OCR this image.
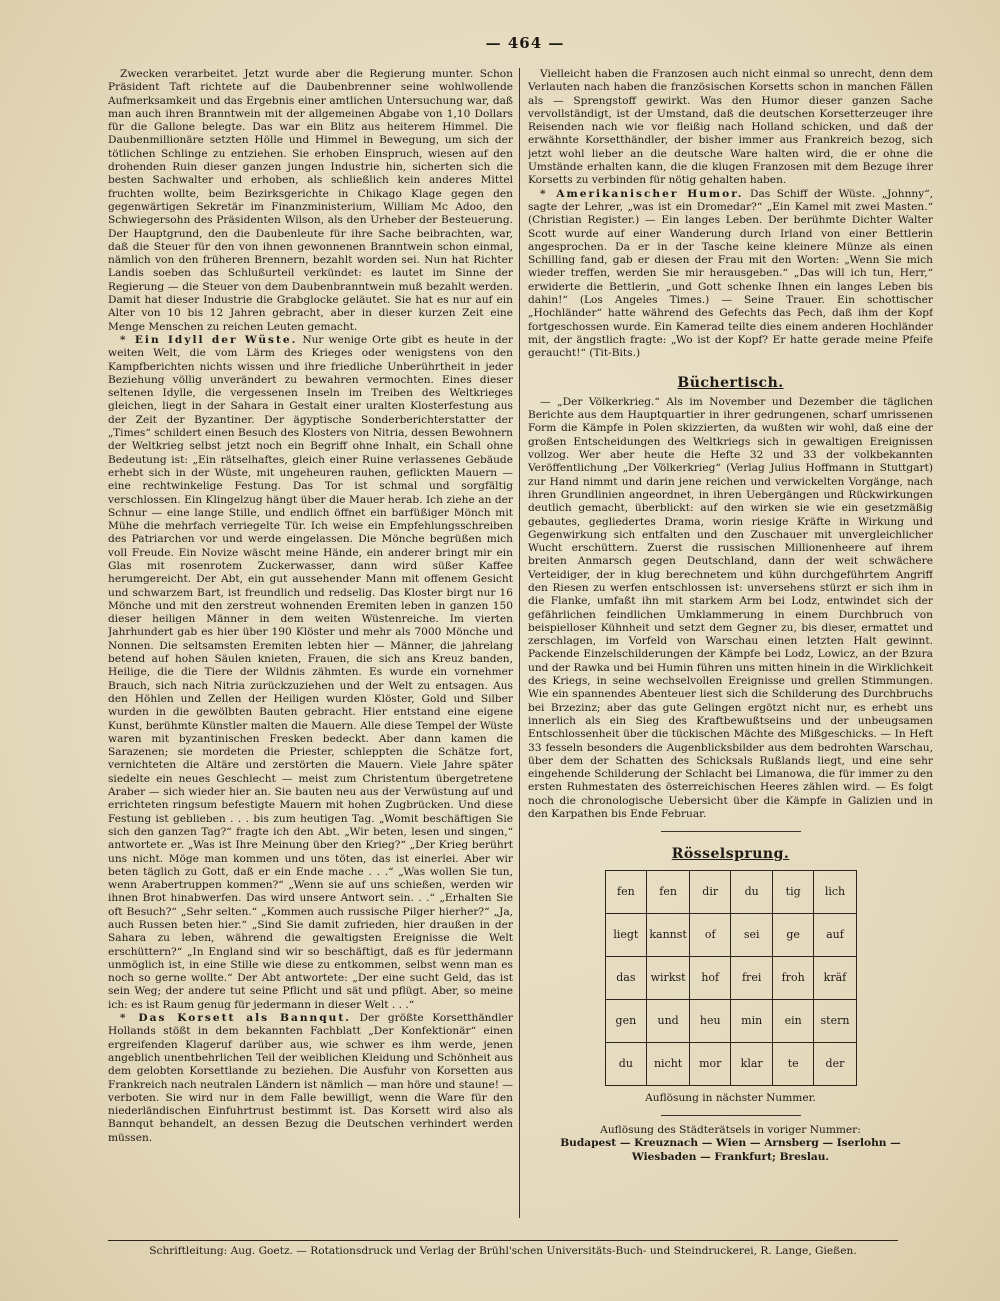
— 464 —

Zwecken verarbeitet. Jetzt wurde aber die Regierung munter. Schon Präsident Taft richtete auf die Daubenbrenner seine wohlwollende Aufmerksamkeit und das Ergebnis einer amtlichen Untersuchung war, daß man auch ihren Branntwein mit der allgemeinen Abgabe von 1,10 Dollars für die Gallone belegte. Das war ein Blitz aus heiterem Himmel. Die Daubenmillionäre setzten Hölle und Himmel in Bewegung, um sich der tötlichen Schlinge zu entziehen. Sie erhoben Einspruch, wiesen auf den drohenden Ruin dieser ganzen jungen Industrie hin, sicherten sich die besten Sachwalter und erhoben, als schließlich kein anderes Mittel fruchten wollte, beim Bezirksgerichte in Chikago Klage gegen den gegenwärtigen Sekretär im Finanzministerium, William Mc Adoo, den Schwiegersohn des Präsidenten Wilson, als den Urheber der Besteuerung. Der Hauptgrund, den die Daubenleute für ihre Sache beibrachten, war, daß die Steuer für den von ihnen gewonnenen Branntwein schon einmal, nämlich von den früheren Brennern, bezahlt worden sei. Nun hat Richter Landis soeben das Schlußurteil verkündet: es lautet im Sinne der Regierung — die Steuer von dem Daubenbranntwein muß bezahlt werden. Damit hat dieser Industrie die Grabglocke geläutet. Sie hat es nur auf ein Alter von 10 bis 12 Jahren gebracht, aber in dieser kurzen Zeit eine Menge Menschen zu reichen Leuten gemacht.

* Ein Idyll der Wüste. Nur wenige Orte gibt es heute in der weiten Welt, die vom Lärm des Krieges oder wenigstens von den Kampfberichten nichts wissen und ihre friedliche Unberührtheit in jeder Beziehung völlig unverändert zu bewahren vermochten. Eines dieser seltenen Idylle, die vergessenen Inseln im Treiben des Weltkrieges gleichen, liegt in der Sahara in Gestalt einer uralten Klosterfestung aus der Zeit der Byzantiner. Der ägyptische Sonderberichterstatter der „Times“ schildert einen Besuch des Klosters von Nitria, dessen Bewohnern der Weltkrieg selbst jetzt noch ein Begriff ohne Inhalt, ein Schall ohne Bedeutung ist: „Ein rätselhaftes, gleich einer Ruine verlassenes Gebäude erhebt sich in der Wüste, mit ungeheuren rauhen, geflickten Mauern — eine rechtwinkelige Festung. Das Tor ist schmal und sorgfältig verschlossen. Ein Klingelzug hängt über die Mauer herab. Ich ziehe an der Schnur — eine lange Stille, und endlich öffnet ein barfüßiger Mönch mit Mühe die mehrfach verriegelte Tür. Ich weise ein Empfehlungsschreiben des Patriarchen vor und werde eingelassen. Die Mönche begrüßen mich voll Freude. Ein Novize wäscht meine Hände, ein anderer bringt mir ein Glas mit rosenrotem Zuckerwasser, dann wird süßer Kaffee herumgereicht. Der Abt, ein gut aussehender Mann mit offenem Gesicht und schwarzem Bart, ist freundlich und redselig. Das Kloster birgt nur 16 Mönche und mit den zerstreut wohnenden Eremiten leben in ganzen 150 dieser heiligen Männer in dem weiten Wüstenreiche. Im vierten Jahrhundert gab es hier über 190 Klöster und mehr als 7000 Mönche und Nonnen. Die seltsamsten Eremiten lebten hier — Männer, die jahrelang betend auf hohen Säulen knieten, Frauen, die sich ans Kreuz banden, Heilige, die die Tiere der Wildnis zähmten. Es wurde ein vornehmer Brauch, sich nach Nitria zurückzuziehen und der Welt zu entsagen. Aus den Höhlen und Zellen der Heiligen wurden Klöster, Gold und Silber wurden in die gewölbten Bauten gebracht. Hier entstand eine eigene Kunst, berühmte Künstler malten die Mauern. Alle diese Tempel der Wüste waren mit byzantinischen Fresken bedeckt. Aber dann kamen die Sarazenen; sie mordeten die Priester, schleppten die Schätze fort, vernichteten die Altäre und zerstörten die Mauern. Viele Jahre später siedelte ein neues Geschlecht — meist zum Christentum übergetretene Araber — sich wieder hier an. Sie bauten neu aus der Verwüstung auf und errichteten ringsum befestigte Mauern mit hohen Zugbrücken. Und diese Festung ist geblieben . . . bis zum heutigen Tag. „Womit beschäftigen Sie sich den ganzen Tag?“ fragte ich den Abt. „Wir beten, lesen und singen,“ antwortete er. „Was ist Ihre Meinung über den Krieg?“ „Der Krieg berührt uns nicht. Möge man kommen und uns töten, das ist einerlei. Aber wir beten täglich zu Gott, daß er ein Ende mache . . .“ „Was wollen Sie tun, wenn Arabertruppen kommen?“ „Wenn sie auf uns schießen, werden wir ihnen Brot hinabwerfen. Das wird unsere Antwort sein. . .“ „Erhalten Sie oft Besuch?“ „Sehr selten.“ „Kommen auch russische Pilger hierher?“ „Ja, auch Russen beten hier.“ „Sind Sie damit zufrieden, hier draußen in der Sahara zu leben, während die gewaltigsten Ereignisse die Welt erschüttern?“ „In England sind wir so beschäftigt, daß es für jedermann unmöglich ist, in eine Stille wie diese zu entkommen, selbst wenn man es noch so gerne wollte.“ Der Abt antwortete: „Der eine sucht Geld, das ist sein Weg; der andere tut seine Pflicht und sät und pflügt. Aber, so meine ich: es ist Raum genug für jedermann in dieser Welt . . .“

* Das Korsett als Bannqut. Der größte Korsetthändler Hollands stößt in dem bekannten Fachblatt „Der Konfektionär“ einen ergreifenden Klageruf darüber aus, wie schwer es ihm werde, jenen angeblich unentbehrlichen Teil der weiblichen Kleidung und Schönheit aus dem gelobten Korsettlande zu beziehen. Die Ausfuhr von Korsetten aus Frankreich nach neutralen Ländern ist nämlich — man höre und staune! — verboten. Sie wird nur in dem Falle bewilligt, wenn die Ware für den niederländischen Einfuhrtrust bestimmt ist. Das Korsett wird also als Bannqut behandelt, an dessen Bezug die Deutschen verhindert werden müssen.

Vielleicht haben die Franzosen auch nicht einmal so unrecht, denn dem Verlauten nach haben die französischen Korsetts schon in manchen Fällen als — Sprengstoff gewirkt. Was den Humor dieser ganzen Sache vervollständigt, ist der Umstand, daß die deutschen Korsetterzeuger ihre Reisenden nach wie vor fleißig nach Holland schicken, und daß der erwähnte Korsetthändler, der bisher immer aus Frankreich bezog, sich jetzt wohl lieber an die deutsche Ware halten wird, die er ohne die Umstände erhalten kann, die die klugen Franzosen mit dem Bezuge ihrer Korsetts zu verbinden für nötig gehalten haben.

* Amerikanischer Humor. Das Schiff der Wüste. „Johnny“, sagte der Lehrer, „was ist ein Dromedar?“ „Ein Kamel mit zwei Masten.“ (Christian Register.) — Ein langes Leben. Der berühmte Dichter Walter Scott wurde auf einer Wanderung durch Irland von einer Bettlerin angesprochen. Da er in der Tasche keine kleinere Münze als einen Schilling fand, gab er diesen der Frau mit den Worten: „Wenn Sie mich wieder treffen, werden Sie mir herausgeben.“ „Das will ich tun, Herr,“ erwiderte die Bettlerin, „und Gott schenke Ihnen ein langes Leben bis dahin!“ (Los Angeles Times.) — Seine Trauer. Ein schottischer „Hochländer“ hatte während des Gefechts das Pech, daß ihm der Kopf fortgeschossen wurde. Ein Kamerad teilte dies einem anderen Hochländer mit, der ängstlich fragte: „Wo ist der Kopf? Er hatte gerade meine Pfeife geraucht!“ (Tit-Bits.)

Büchertisch.

— „Der Völkerkrieg.“ Als im November und Dezember die täglichen Berichte aus dem Hauptquartier in ihrer gedrungenen, scharf umrissenen Form die Kämpfe in Polen skizzierten, da wußten wir wohl, daß eine der großen Entscheidungen des Weltkriegs sich in gewaltigen Ereignissen vollzog. Wer aber heute die Hefte 32 und 33 der volkbekannten Veröffentlichung „Der Völkerkrieg“ (Verlag Julius Hoffmann in Stuttgart) zur Hand nimmt und darin jene reichen und verwickelten Vorgänge, nach ihren Grundlinien angeordnet, in ihren Uebergängen und Rückwirkungen deutlich gemacht, überblickt: auf den wirken sie wie ein gesetzmäßig gebautes, gegliedertes Drama, worin riesige Kräfte in Wirkung und Gegenwirkung sich entfalten und den Zuschauer mit unvergleichlicher Wucht erschüttern. Zuerst die russischen Millionenheere auf ihrem breiten Anmarsch gegen Deutschland, dann der weit schwächere Verteidiger, der in klug berechnetem und kühn durchgeführtem Angriff den Riesen zu werfen entschlossen ist: unversehens stürzt er sich ihm in die Flanke, umfaßt ihn mit starkem Arm bei Lodz, entwindet sich der gefährlichen feindlichen Umklammerung in einem Durchbruch von beispielloser Kühnheit und setzt dem Gegner zu, bis dieser, ermattet und zerschlagen, im Vorfeld von Warschau einen letzten Halt gewinnt. Packende Einzelschilderungen der Kämpfe bei Lodz, Lowicz, an der Bzura und der Rawka und bei Humin führen uns mitten hinein in die Wirklichkeit des Kriegs, in seine wechselvollen Ereignisse und grellen Stimmungen. Wie ein spannendes Abenteuer liest sich die Schilderung des Durchbruchs bei Brzezinz; aber das gute Gelingen ergötzt nicht nur, es erhebt uns innerlich als ein Sieg des Kraftbewußtseins und der unbeugsamen Entschlossenheit über die tückischen Mächte des Mißgeschicks. — In Heft 33 fesseln besonders die Augenblicksbilder aus dem bedrohten Warschau, über dem der Schatten des Schicksals Rußlands liegt, und eine sehr eingehende Schilderung der Schlacht bei Limanowa, die für immer zu den ersten Ruhmestaten des österreichischen Heeres zählen wird. — Es folgt noch die chronologische Uebersicht über die Kämpfe in Galizien und in den Karpathen bis Ende Februar.

Rösselsprung.
fen	fen	dir	du	tig	lich
liegt	kannst	of	sei	ge	auf
das	wirkst	hof	frei	froh	kräf
gen	und	heu	min	ein	stern
du	nicht	mor	klar	te	der

Auflösung in nächster Nummer.

Auflösung des Städterätsels in voriger Nummer:

Budapest — Kreuznach — Wien — Arnsberg — Iserlohn —

Wiesbaden — Frankfurt; Breslau.

Schriftleitung: Aug. Goetz. — Rotationsdruck und Verlag der Brühl'schen Universitäts-Buch- und Steindruckerei, R. Lange, Gießen.
